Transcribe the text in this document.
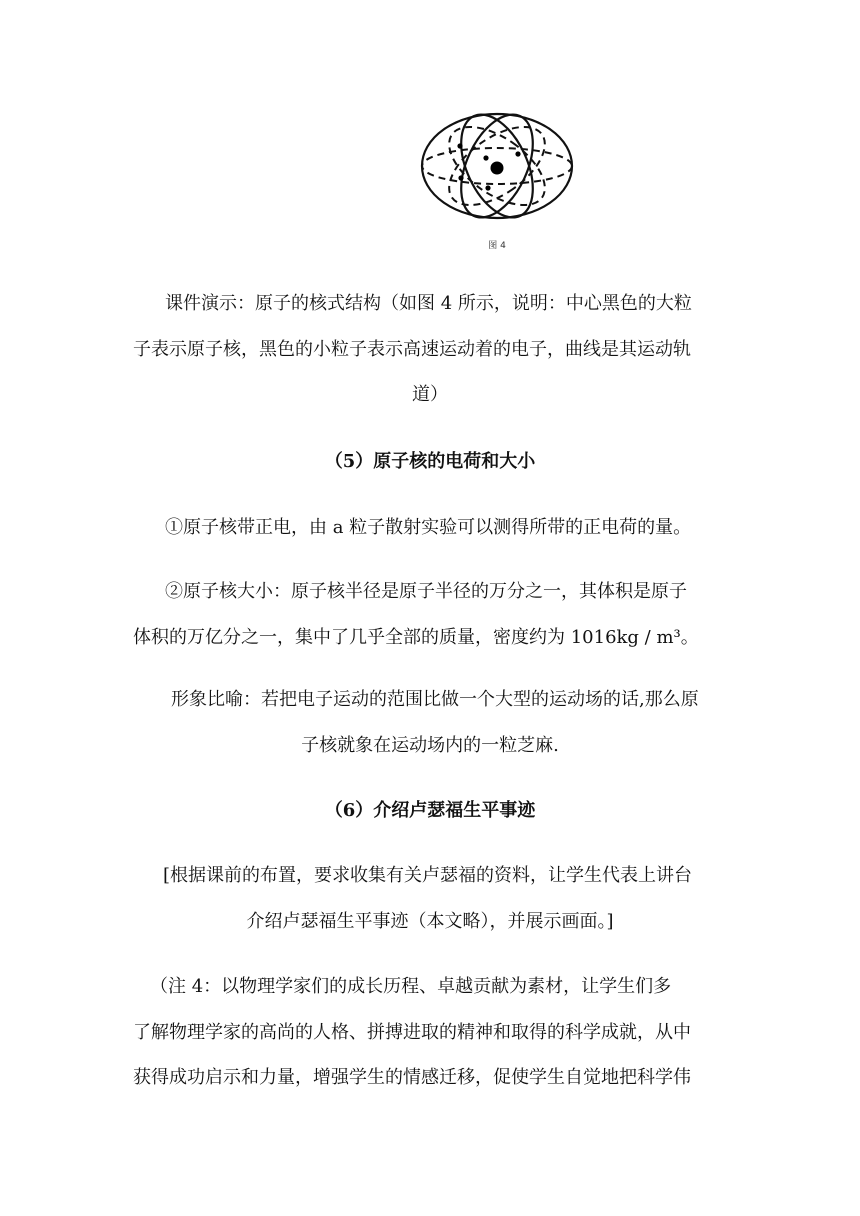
图 4
课件演示：原子的核式结构（如图 4 所示，说明：中心黑色的大粒
子表示原子核，黑色的小粒子表示高速运动着的电子，曲线是其运动轨
道）
（5）原子核的电荷和大小
①原子核带正电，由 a 粒子散射实验可以测得所带的正电荷的量。
②原子核大小：原子核半径是原子半径的万分之一，其体积是原子
体积的万亿分之一，集中了几乎全部的质量，密度约为 1016kg / m³。
形象比喻：若把电子运动的范围比做一个大型的运动场的话,那么原
子核就象在运动场内的一粒芝麻.
（6）介绍卢瑟福生平事迹
[根据课前的布置，要求收集有关卢瑟福的资料，让学生代表上讲台
介绍卢瑟福生平事迹（本文略），并展示画面。]
（注 4：以物理学家们的成长历程、卓越贡献为素材，让学生们多
了解物理学家的高尚的人格、拼搏进取的精神和取得的科学成就，从中
获得成功启示和力量，增强学生的情感迁移，促使学生自觉地把科学伟
